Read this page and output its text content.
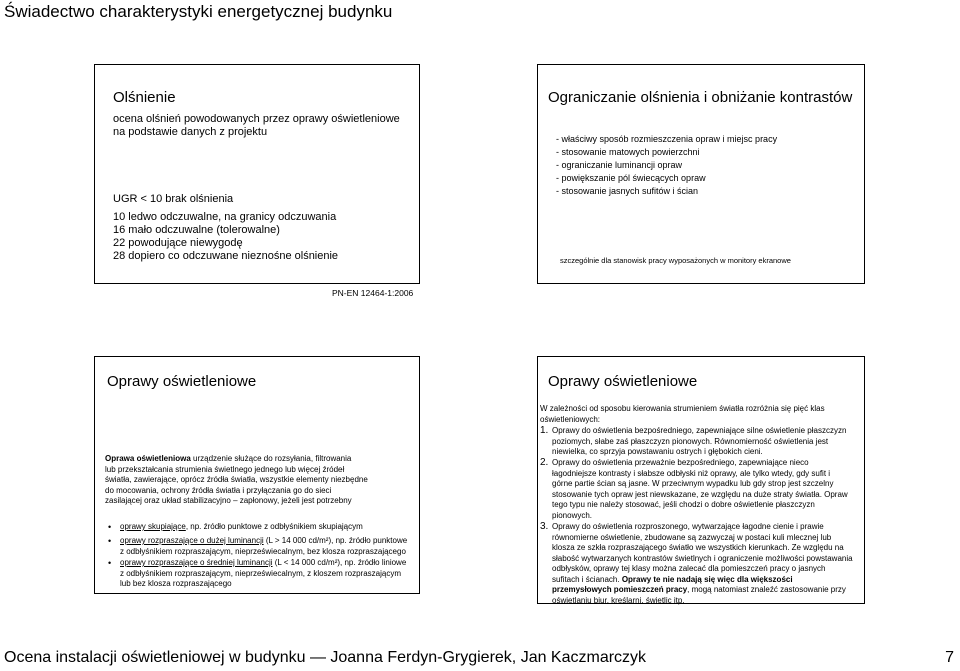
Świadectwo charakterystyki energetycznej budynku
Olśnienie
ocena olśnień powodowanych przez oprawy oświetleniowe
na podstawie danych z projektu
UGR < 10 brak olśnienia
10 ledwo odczuwalne, na granicy odczuwania
16 mało odczuwalne (tolerowalne)
22 powodujące niewygodę
28 dopiero co odczuwane nieznośne olśnienie
Ograniczanie olśnienia i obniżanie kontrastów
- właściwy sposób rozmieszczenia opraw i miejsc pracy
- stosowanie matowych powierzchni
- ograniczanie luminancji opraw
- powiększanie pól świecących opraw
- stosowanie jasnych sufitów i ścian
szczególnie dla stanowisk pracy wyposażonych w monitory ekranowe
PN-EN 12464-1:2006
Oprawy oświetleniowe
Oprawa oświetleniowa urządzenie służące do rozsyłania, filtrowania
lub przekształcania strumienia świetlnego jednego lub więcej źródeł
światła, zawierające, oprócz źródła światła, wszystkie elementy niezbędne
do mocowania, ochrony źródła światła i przyłączania go do sieci
zasilającej oraz układ stabilizacyjno – zapłonowy, jeżeli jest potrzebny
• oprawy skupiające, np. źródło punktowe z odbłyśnikiem skupiającym
• oprawy rozpraszające o dużej luminancji (L > 14 000 cd/m²), np. źródło punktowe
z odbłyśnikiem rozpraszającym, nieprzeświecalnym, bez klosza rozpraszającego
• oprawy rozpraszające o średniej luminancji (L < 14 000 cd/m²), np. źródło liniowe
z odbłyśnikiem rozpraszającym, nieprzeświecalnym, z kloszem rozpraszającym
lub bez klosza rozpraszającego
Oprawy oświetleniowe
W zależności od sposobu kierowania strumieniem światła rozróżnia się pięć klas
oświetleniowych:
1. Oprawy do oświetlenia bezpośredniego, zapewniające silne oświetlenie płaszczyzn
poziomych, słabe zaś płaszczyzn pionowych. Równomierność oświetlenia jest
niewielka, co sprzyja powstawaniu ostrych i głębokich cieni.
2. Oprawy do oświetlenia przeważnie bezpośredniego, zapewniające nieco
łagodniejsze kontrasty i słabsze odbłyski niż oprawy, ale tylko wtedy, gdy sufit i
górne partie ścian są jasne. W przeciwnym wypadku lub gdy strop jest szczelny
stosowanie tych opraw jest niewskazane, ze względu na duże straty światła. Opraw
tego typu nie należy stosować, jeśli chodzi o dobre oświetlenie płaszczyzn
pionowych.
3. Oprawy do oświetlenia rozproszonego, wytwarzające łagodne cienie i prawie
równomierne oświetlenie, zbudowane są zazwyczaj w postaci kuli mlecznej lub
klosza ze szkła rozpraszającego światło we wszystkich kierunkach. Ze względu na
słabość wytwarzanych kontrastów świetlnych i ograniczenie możliwości powstawania
odbłysków, oprawy tej klasy można zalecać dla pomieszczeń pracy o jasnych
sufitach i ścianach. Oprawy te nie nadają się więc dla większości
przemysłowych pomieszczeń pracy, mogą natomiast znaleźć zastosowanie przy
oświetlaniu biur, kreślarni, świetlic itp.
Ocena instalacji oświetleniowej w budynku — Joanna Ferdyn-Grygierek, Jan Kaczmarczyk	7
